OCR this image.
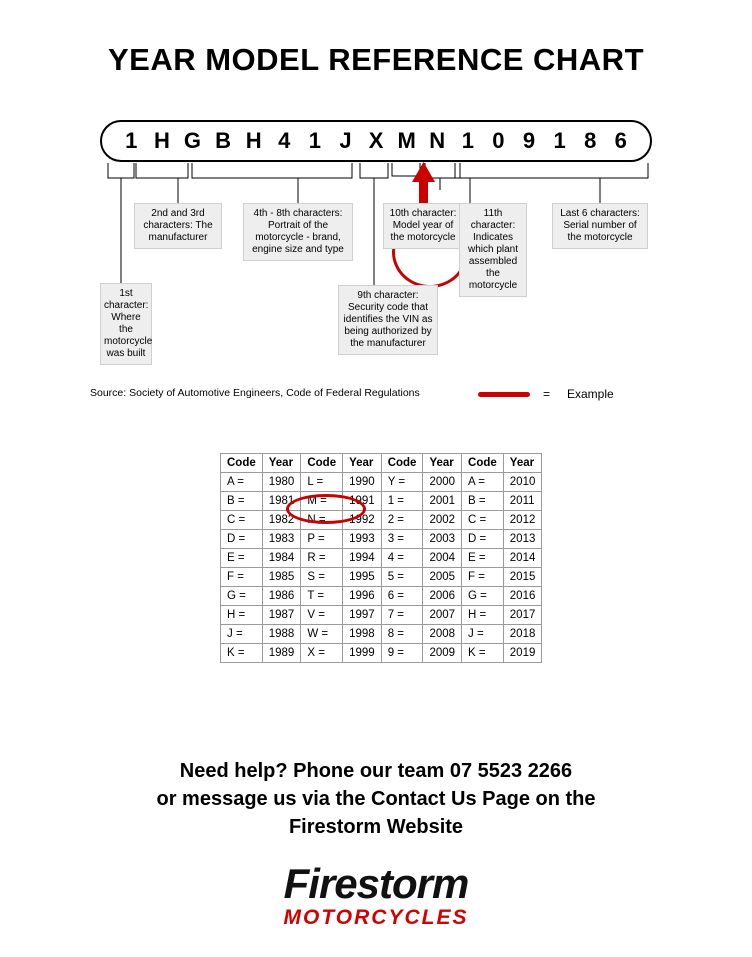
YEAR MODEL REFERENCE CHART
1 H G B H 4 1 J X M N 1 0 9 1 8 6
1st character: Where the motorcycle was built
2nd and 3rd characters: The manufacturer
4th - 8th characters: Portrait of the motorcycle - brand, engine size and type
9th character: Security code that identifies the VIN as being authorized by the manufacturer
10th character: Model year of the motorcycle
11th character: Indicates which plant assembled the motorcycle
Last 6 characters: Serial number of the motorcycle
Source: Society of Automotive Engineers, Code of Federal Regulations	= Example
Code	Year	Code	Year	Code	Year	Code	Year
A =	1980	L =	1990	Y =	2000	A =	2010
B =	1981	M =	1991	1 =	2001	B =	2011
C =	1982	N =	1992	2 =	2002	C =	2012
D =	1983	P =	1993	3 =	2003	D =	2013
E =	1984	R =	1994	4 =	2004	E =	2014
F =	1985	S =	1995	5 =	2005	F =	2015
G =	1986	T =	1996	6 =	2006	G =	2016
H =	1987	V =	1997	7 =	2007	H =	2017
J =	1988	W =	1998	8 =	2008	J =	2018
K =	1989	X =	1999	9 =	2009	K =	2019
Need help? Phone our team 07 5523 2266
or message us via the Contact Us Page on the
Firestorm Website
Firestorm
MOTORCYCLES
